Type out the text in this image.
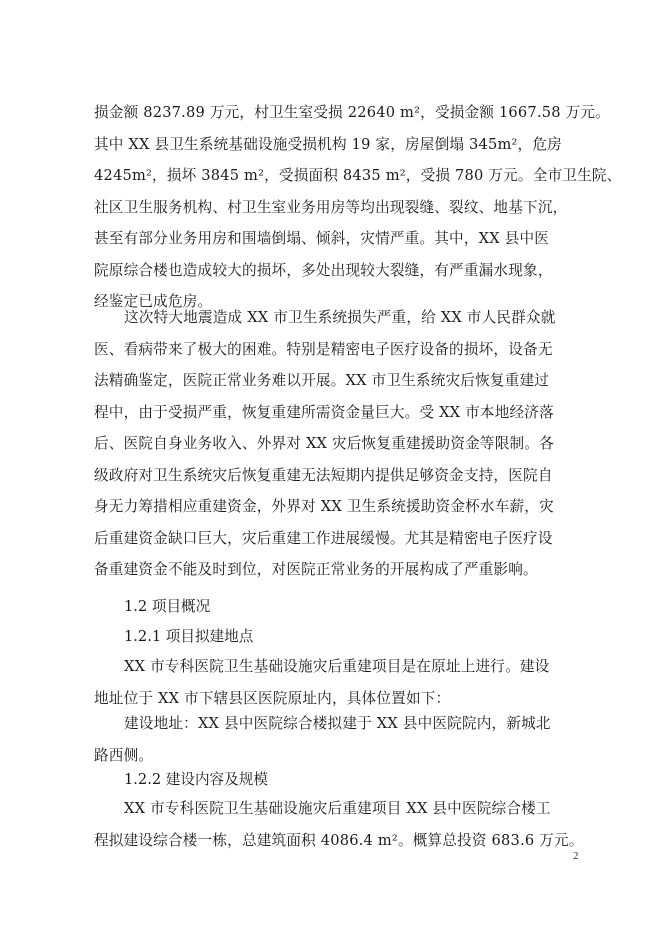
损金额 8237.89 万元，村卫生室受损 22640 m²，受损金额 1667.58 万元。
其中 XX 县卫生系统基础设施受损机构 19 家，房屋倒塌 345m²，危房
4245m²，损坏 3845 m²，受损面积 8435 m²，受损 780 万元。全市卫生院、
社区卫生服务机构、村卫生室业务用房等均出现裂缝、裂纹、地基下沉，
甚至有部分业务用房和围墙倒塌、倾斜，灾情严重。其中，XX 县中医
院原综合楼也造成较大的损坏，多处出现较大裂缝，有严重漏水现象，
经鉴定已成危房。
这次特大地震造成 XX 市卫生系统损失严重，给 XX 市人民群众就
医、看病带来了极大的困难。特别是精密电子医疗设备的损坏，设备无
法精确鉴定，医院正常业务难以开展。XX 市卫生系统灾后恢复重建过
程中，由于受损严重，恢复重建所需资金量巨大。受 XX 市本地经济落
后、医院自身业务收入、外界对 XX 灾后恢复重建援助资金等限制。各
级政府对卫生系统灾后恢复重建无法短期内提供足够资金支持，医院自
身无力筹措相应重建资金，外界对 XX 卫生系统援助资金杯水车薪，灾
后重建资金缺口巨大，灾后重建工作进展缓慢。尤其是精密电子医疗设
备重建资金不能及时到位，对医院正常业务的开展构成了严重影响。
1.2 项目概况
1.2.1 项目拟建地点
XX 市专科医院卫生基础设施灾后重建项目是在原址上进行。建设
地址位于 XX 市下辖县区医院原址内，具体位置如下：
建设地址：XX 县中医院综合楼拟建于 XX 县中医院院内，新城北
路西侧。
1.2.2 建设内容及规模
XX 市专科医院卫生基础设施灾后重建项目 XX 县中医院综合楼工
程拟建设综合楼一栋，总建筑面积 4086.4 m²。概算总投资 683.6 万元。
2
